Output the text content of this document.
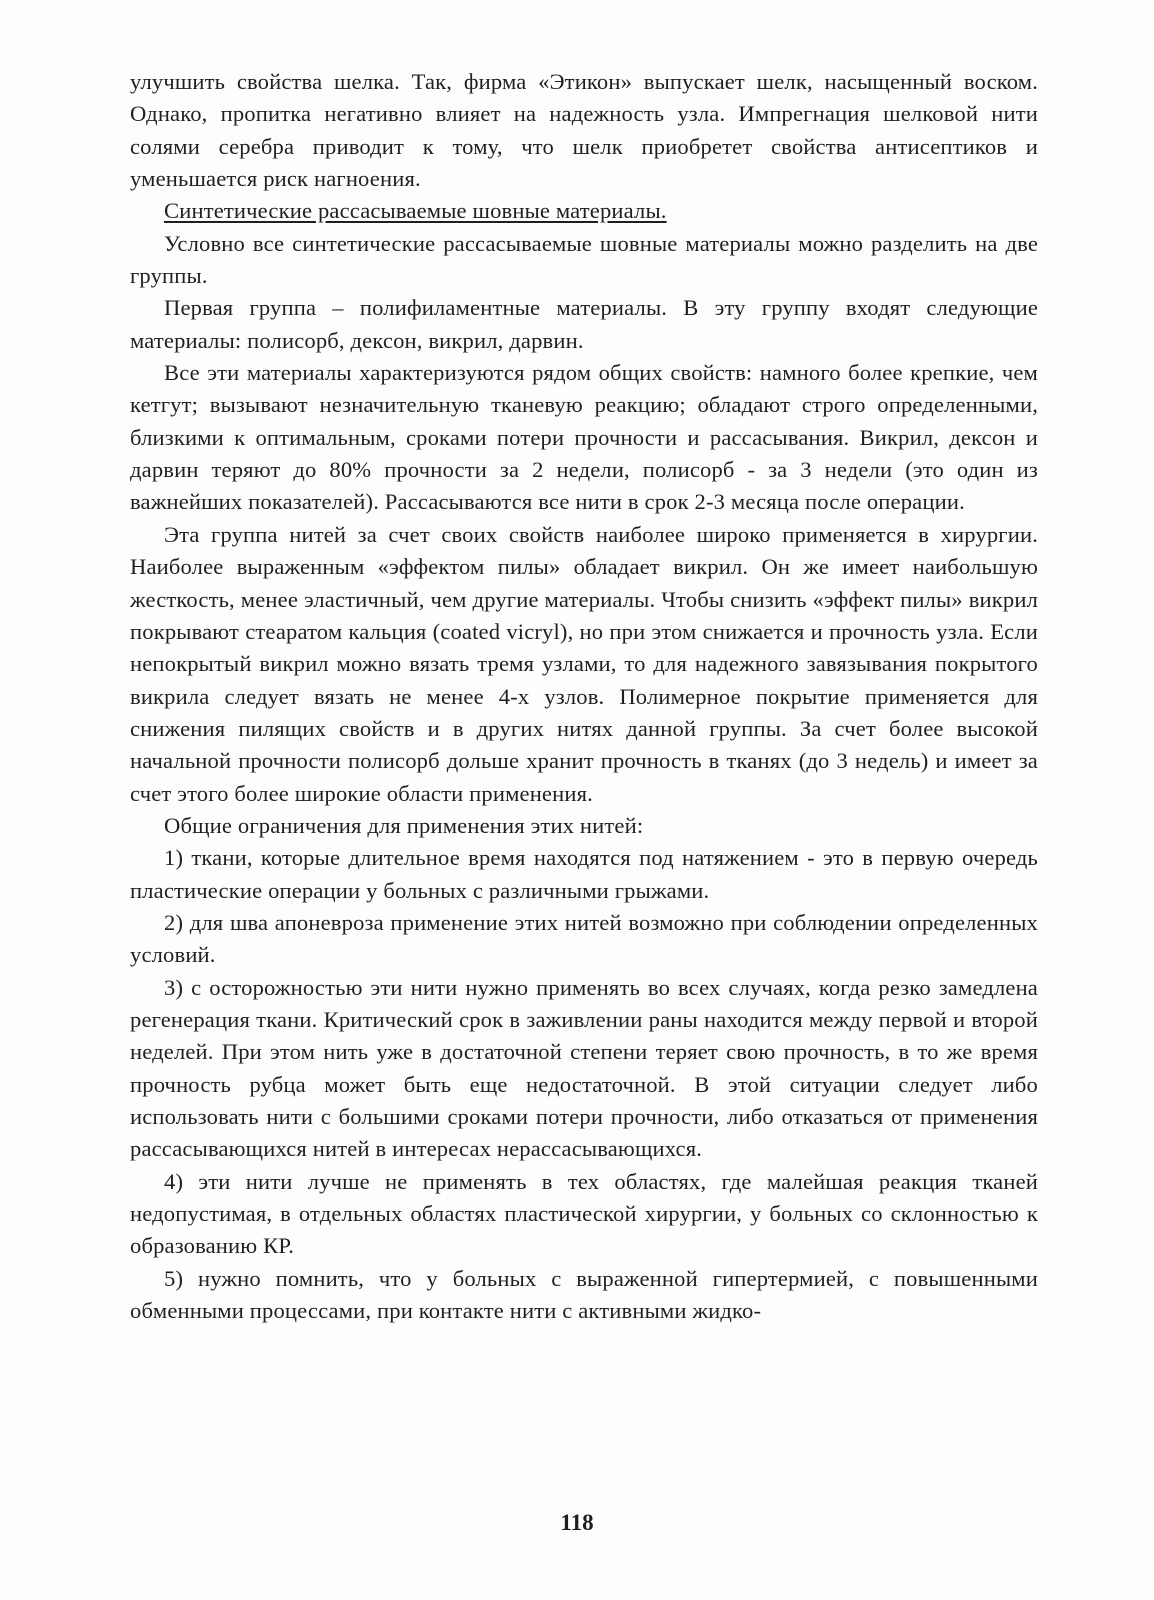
улучшить свойства шелка. Так, фирма «Этикон» выпускает шелк, насыщенный воском. Однако, пропитка негативно влияет на надежность узла. Импрегнация шелковой нити солями серебра приводит к тому, что шелк приобретет свойства антисептиков и уменьшается риск нагноения.

Синтетические рассасываемые шовные материалы.

Условно все синтетические рассасываемые шовные материалы можно разделить на две группы.

Первая группа – полифиламентные материалы. В эту группу входят следующие материалы: полисорб, дексон, викрил, дарвин.

Все эти материалы характеризуются рядом общих свойств: намного более крепкие, чем кетгут; вызывают незначительную тканевую реакцию; обладают строго определенными, близкими к оптимальным, сроками потери прочности и рассасывания. Викрил, дексон и дарвин теряют до 80% прочности за 2 недели, полисорб - за 3 недели (это один из важнейших показателей). Рассасываются все нити в срок 2-3 месяца после операции.

Эта группа нитей за счет своих свойств наиболее широко применяется в хирургии. Наиболее выраженным «эффектом пилы» обладает викрил. Он же имеет наибольшую жесткость, менее эластичный, чем другие материалы. Чтобы снизить «эффект пилы» викрил покрывают стеаратом кальция (coated vicryl), но при этом снижается и прочность узла. Если непокрытый викрил можно вязать тремя узлами, то для надежного завязывания покрытого викрила следует вязать не менее 4-х узлов. Полимерное покрытие применяется для снижения пилящих свойств и в других нитях данной группы. За счет более высокой начальной прочности полисорб дольше хранит прочность в тканях (до 3 недель) и имеет за счет этого более широкие области применения.

Общие ограничения для применения этих нитей:

1) ткани, которые длительное время находятся под натяжением - это в первую очередь пластические операции у больных с различными грыжами.

2) для шва апоневроза применение этих нитей возможно при соблюдении определенных условий.

3) с осторожностью эти нити нужно применять во всех случаях, когда резко замедлена регенерация ткани. Критический срок в заживлении раны находится между первой и второй неделей. При этом нить уже в достаточной степени теряет свою прочность, в то же время прочность рубца может быть еще недостаточной. В этой ситуации следует либо использовать нити с большими сроками потери прочности, либо отказаться от применения рассасывающихся нитей в интересах нерассасывающихся.

4) эти нити лучше не применять в тех областях, где малейшая реакция тканей недопустимая, в отдельных областях пластической хирургии, у больных со склонностью к образованию КР.

5) нужно помнить, что у больных с выраженной гипертермией, с повышенными обменными процессами, при контакте нити с активными жидко-

118
